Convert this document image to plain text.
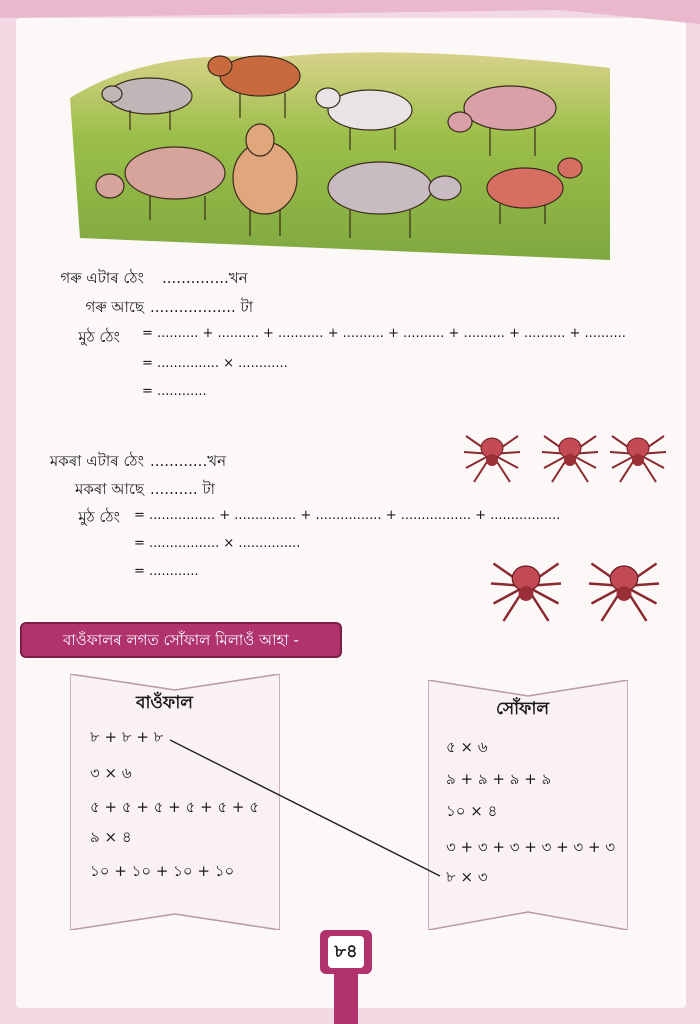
গৰু এটাৰ ঠেং ..............খন
গৰু আছে .................. টা
মুঠ ঠেং = .......... + .......... + ........... + .......... + .......... + .......... + .......... + ..........
= ............... × ............
= ............
মকৰা এটাৰ ঠেং ............খন
মকৰা আছে .......... টা
মুঠ ঠেং = ................ + ............... + ................ + ................. + .................
= ................. × ...............
= ............
বাওঁফালৰ লগত সোঁফাল মিলাওঁ আহা -
বাওঁফাল
৮ + ৮ + ৮
৩ × ৬
৫ + ৫ + ৫ + ৫ + ৫ + ৫
৯ × ৪
১০ + ১০ + ১০ + ১০
সোঁফাল
৫ × ৬
৯ + ৯ + ৯ + ৯
১০ × ৪
৩ + ৩ + ৩ + ৩ + ৩ + ৩
৮ × ৩
৮৪
